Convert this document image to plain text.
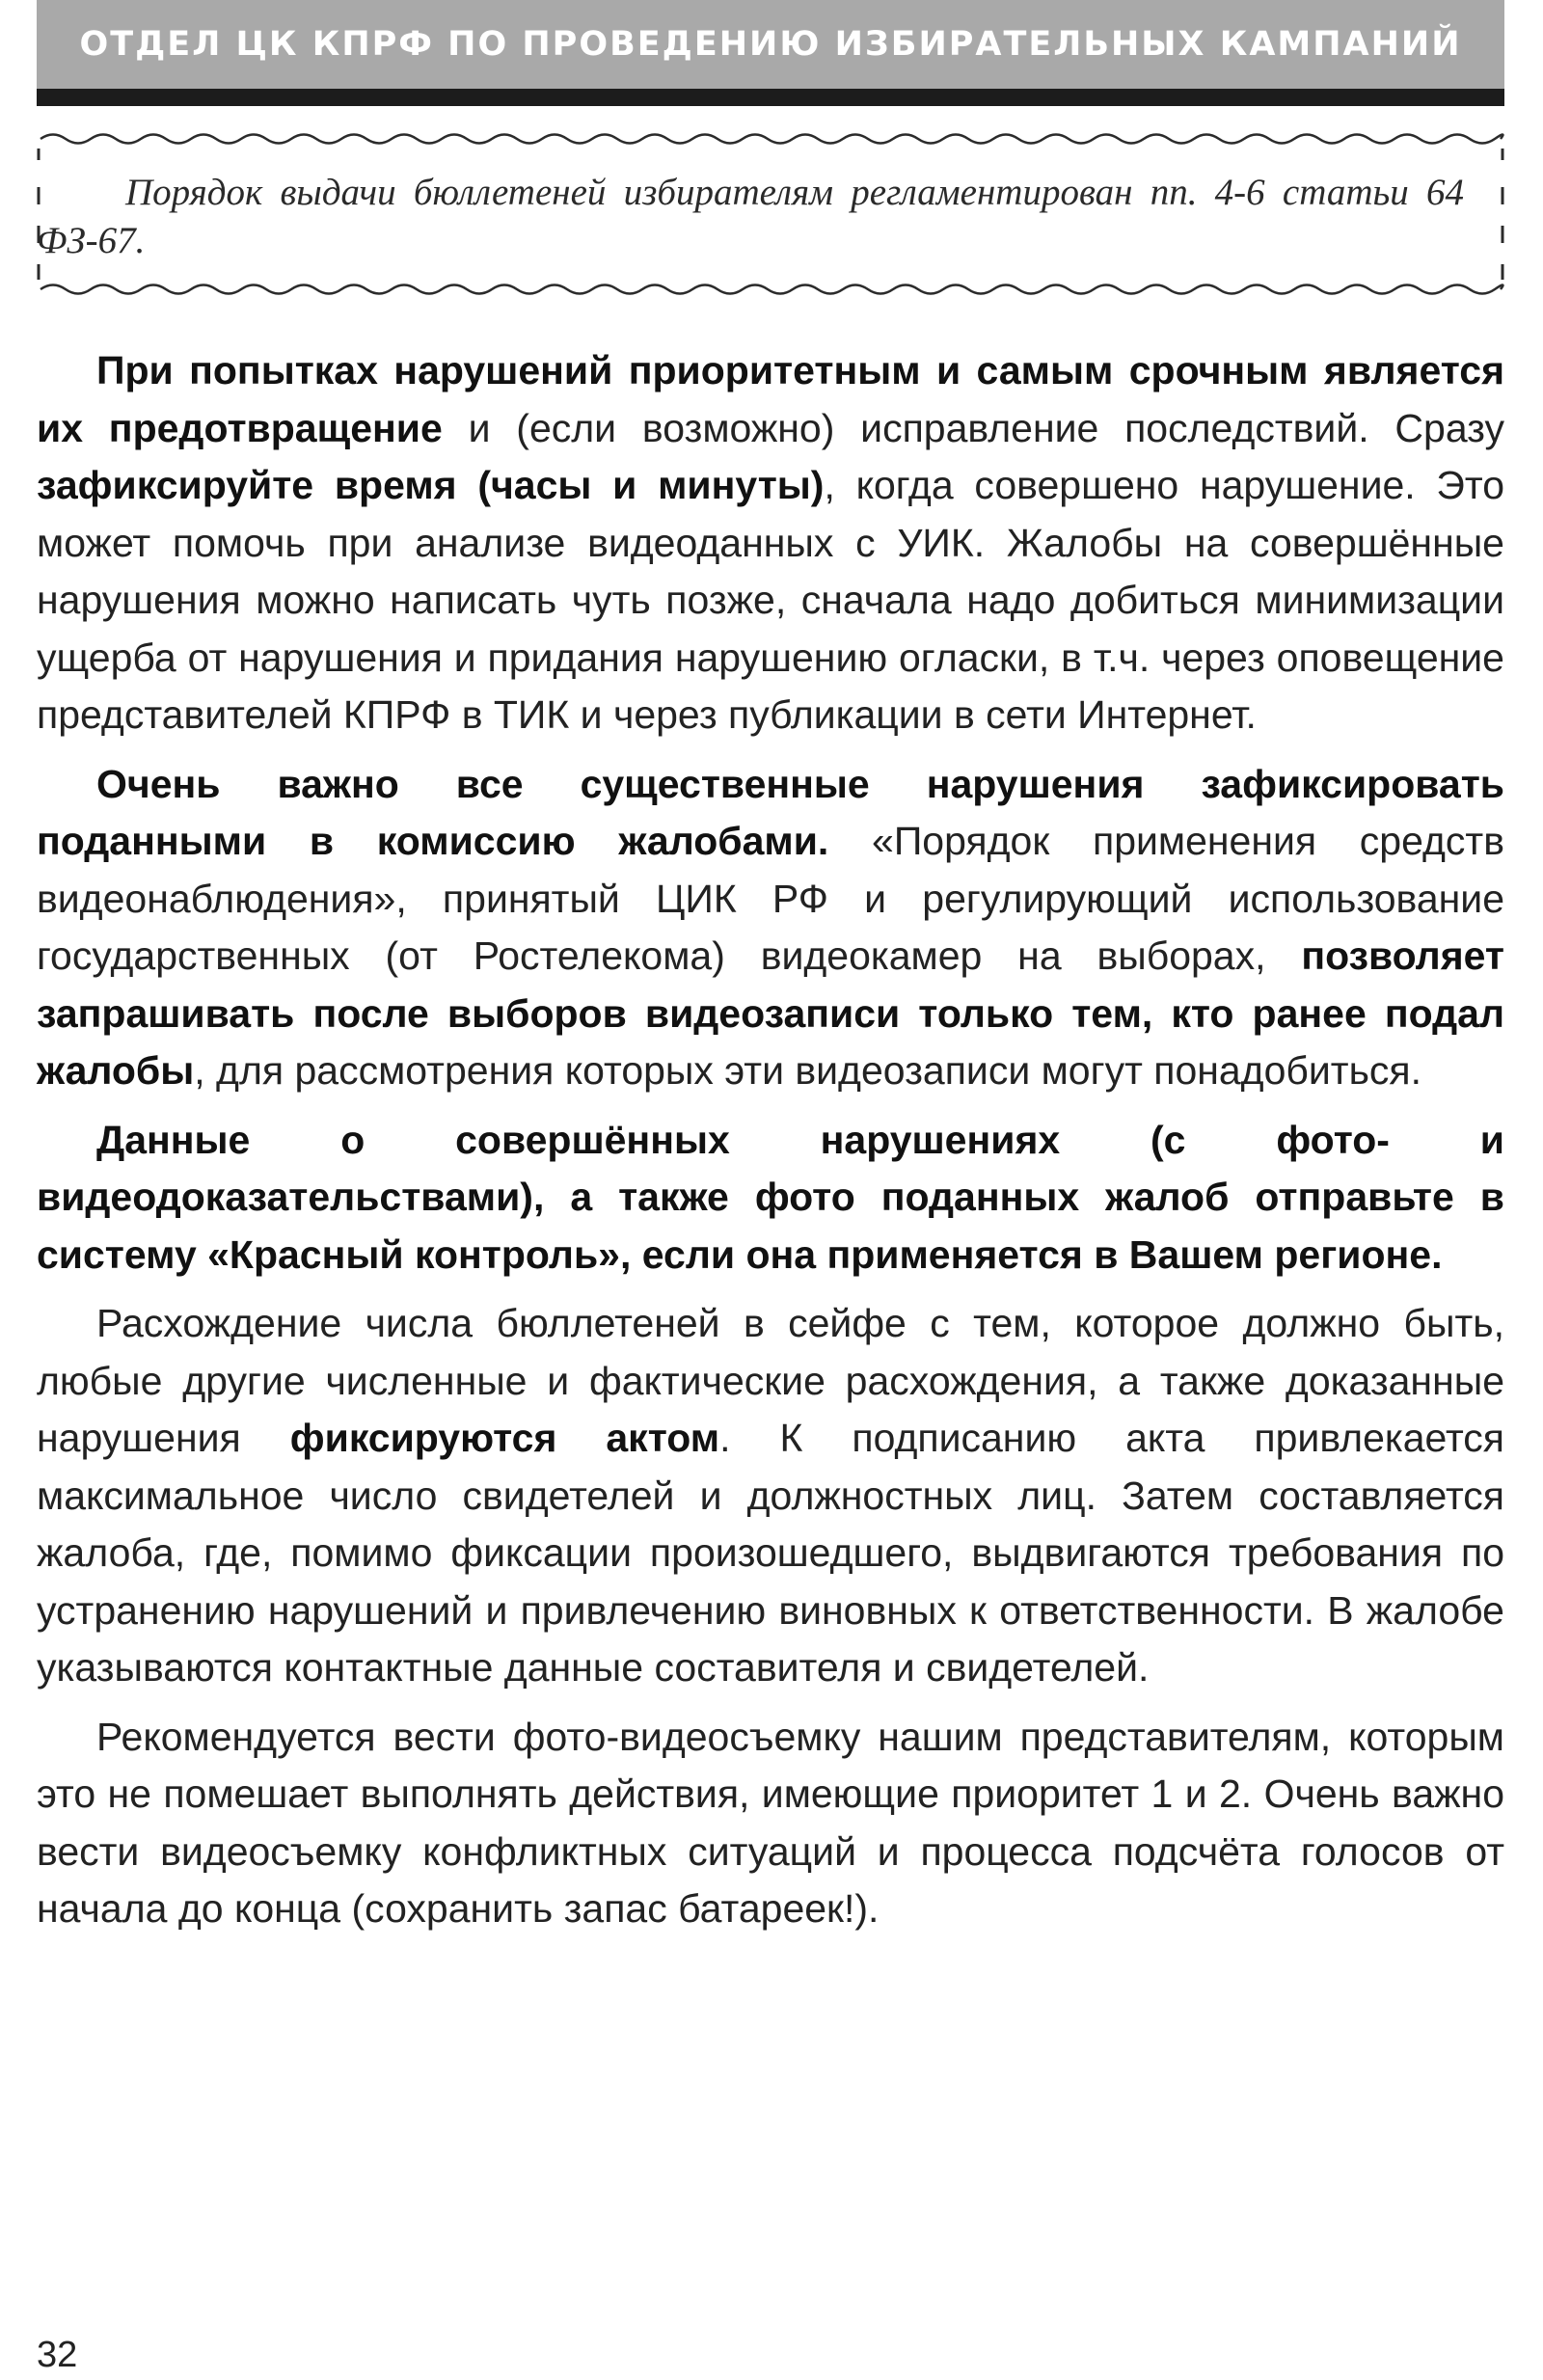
ОТДЕЛ ЦК КПРФ ПО ПРОВЕДЕНИЮ ИЗБИРАТЕЛЬНЫХ КАМПАНИЙ

Порядок выдачи бюллетеней избирателям регламентирован пп. 4-6 статьи 64 ФЗ-67.

При попытках нарушений приоритетным и самым срочным является их предотвращение и (если возможно) исправление последствий. Сразу зафиксируйте время (часы и минуты), когда совершено нарушение. Это может помочь при анализе видеоданных с УИК. Жалобы на совершённые нарушения можно написать чуть позже, сначала надо добиться минимизации ущерба от нарушения и придания нарушению огласки, в т.ч. через оповещение представителей КПРФ в ТИК и через публикации в сети Интернет.

Очень важно все существенные нарушения зафиксировать поданными в комиссию жалобами. «Порядок применения средств видеонаблюдения», принятый ЦИК РФ и регулирующий использование государственных (от Ростелекома) видеокамер на выборах, позволяет запрашивать после выборов видеозаписи только тем, кто ранее подал жалобы, для рассмотрения которых эти видеозаписи могут понадобиться.

Данные о совершённых нарушениях (с фото- и видеодоказательствами), а также фото поданных жалоб отправьте в систему «Красный контроль», если она применяется в Вашем регионе.

Расхождение числа бюллетеней в сейфе с тем, которое должно быть, любые другие численные и фактические расхождения, а также доказанные нарушения фиксируются актом. К подписанию акта привлекается максимальное число свидетелей и должностных лиц. Затем составляется жалоба, где, помимо фиксации произошедшего, выдвигаются требования по устранению нарушений и привлечению виновных к ответственности. В жалобе указываются контактные данные составителя и свидетелей.

Рекомендуется вести фото-видеосъемку нашим представителям, которым это не помешает выполнять действия, имеющие приоритет 1 и 2. Очень важно вести видеосъемку конфликтных ситуаций и процесса подсчёта голосов от начала до конца (сохранить запас батареек!).

32
